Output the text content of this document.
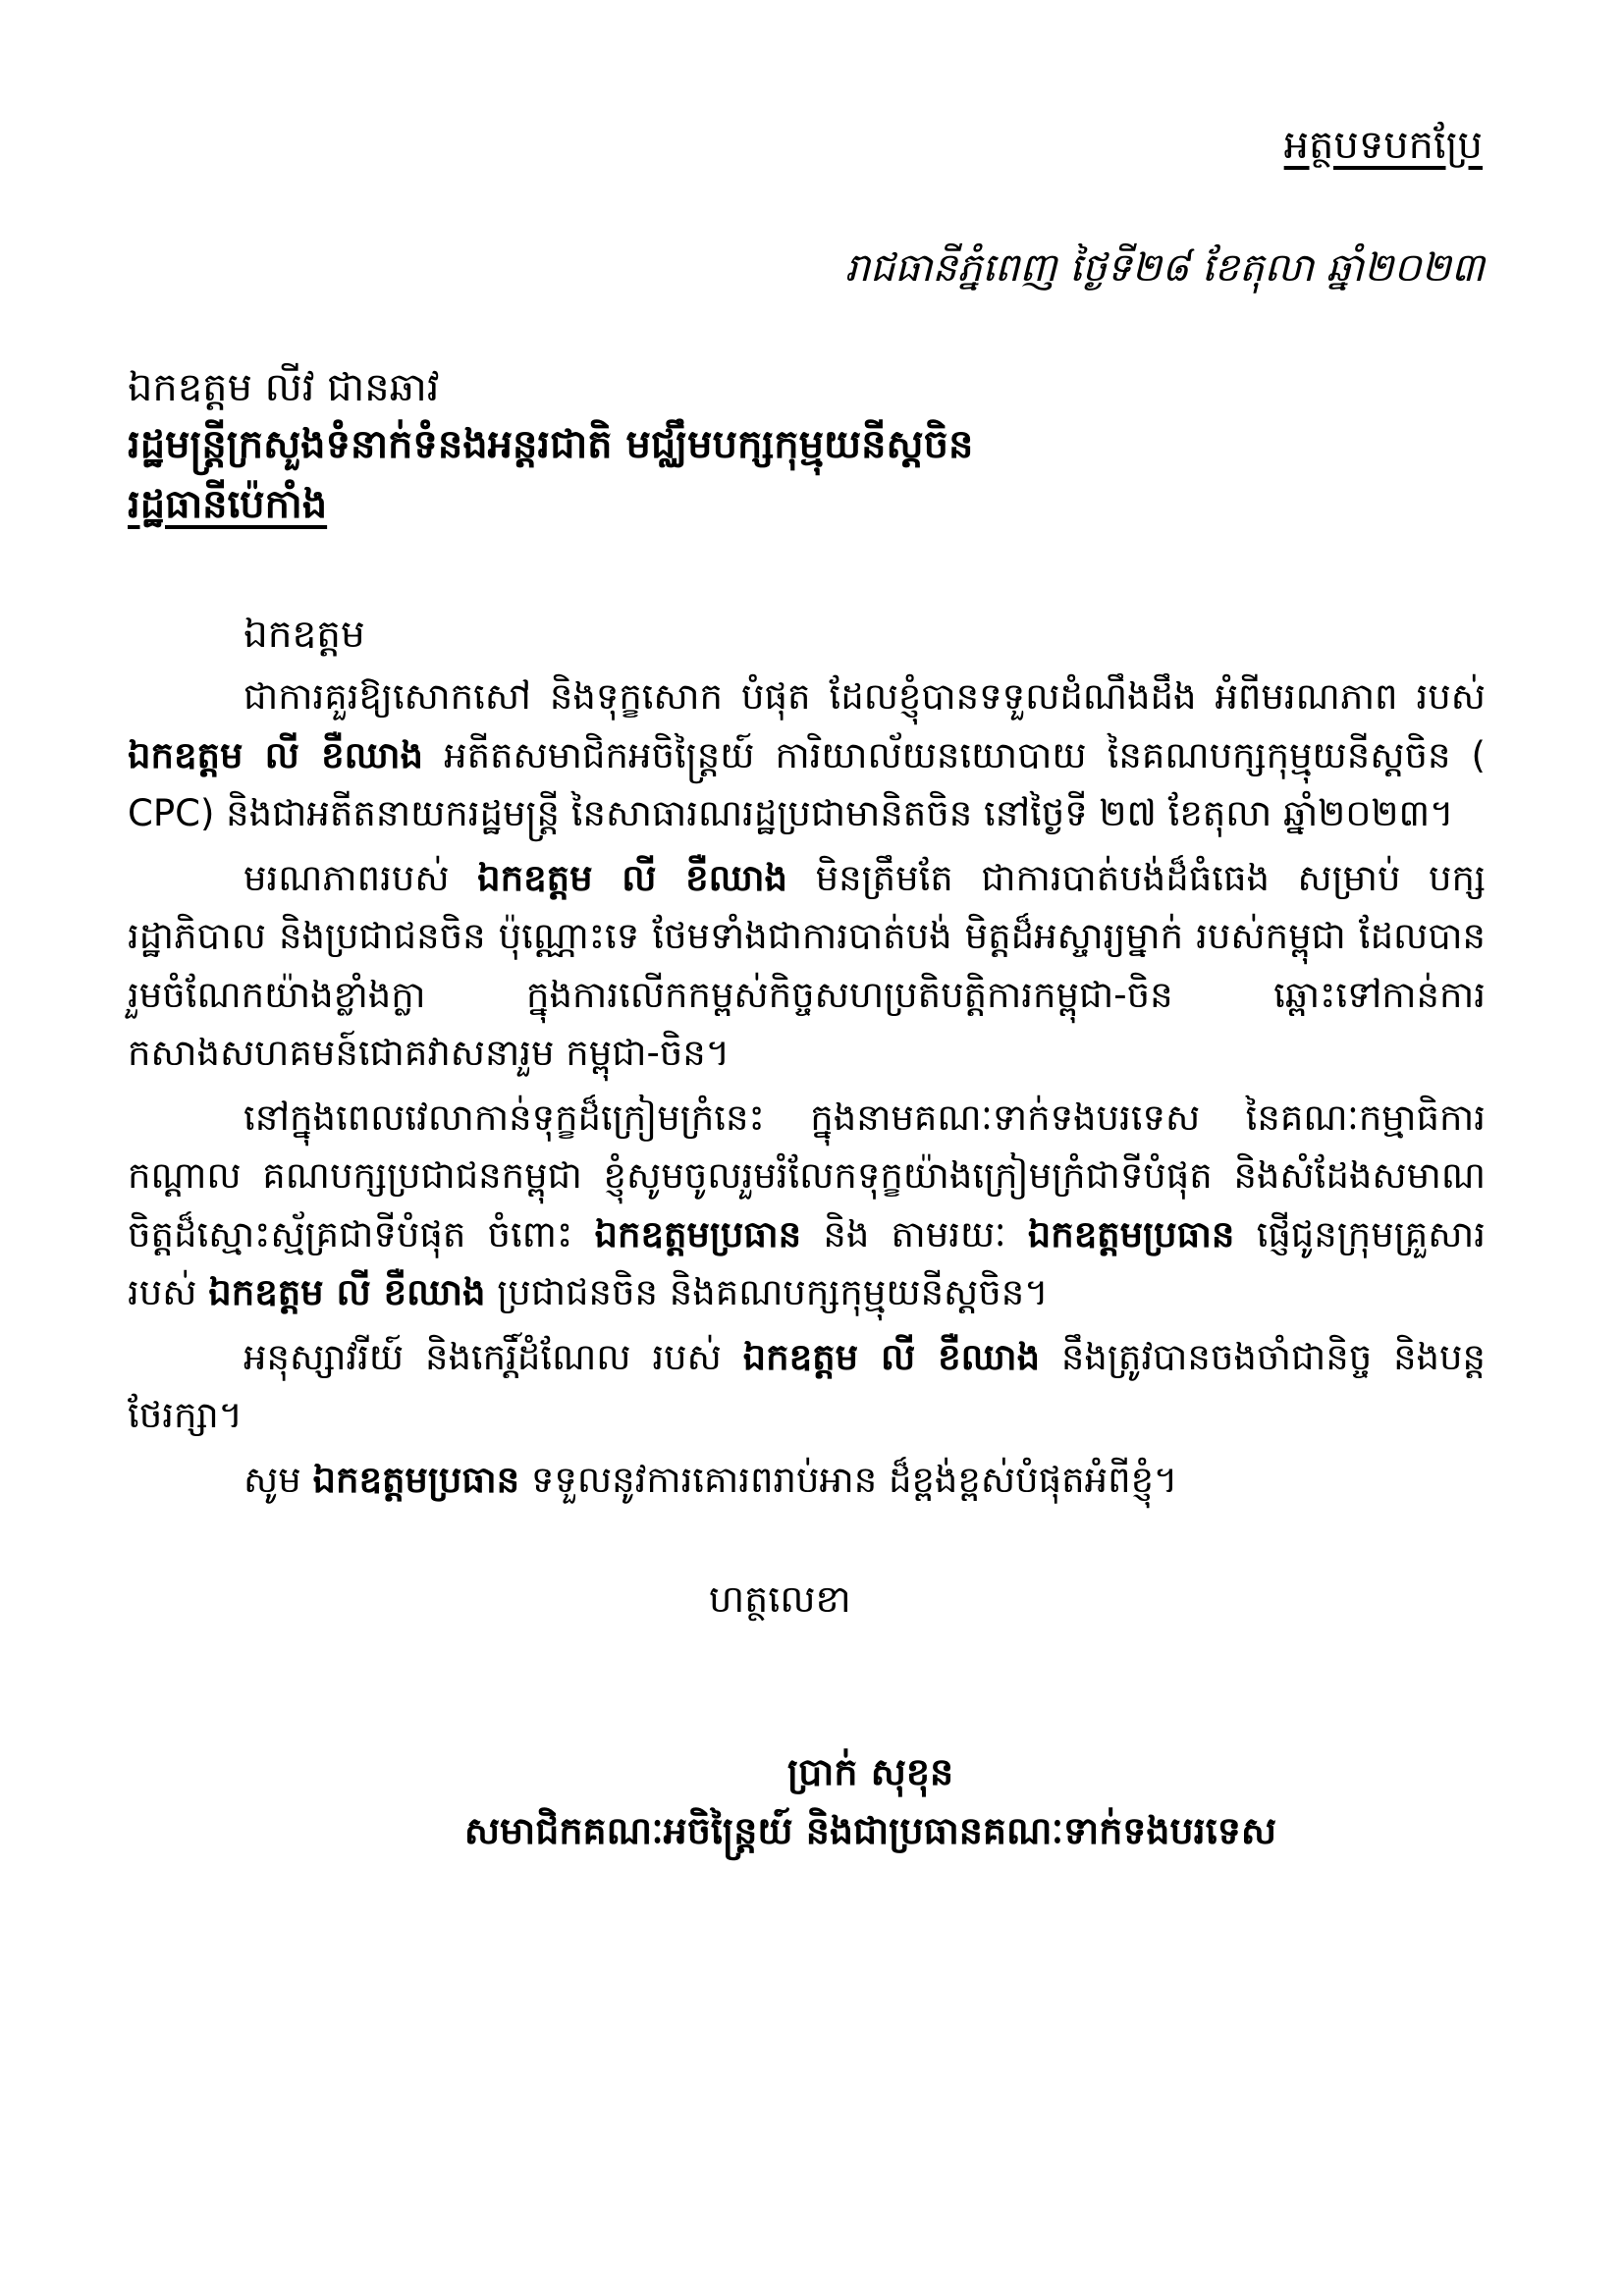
អត្ថបទបកប្រែ
រាជធានីភ្នំពេញ ថ្ងៃទី២៨ ខែតុលា ឆ្នាំ២០២៣
ឯកឧត្តម លីវ ជានឆាវ
រដ្ឋមន្រ្តីក្រសួងទំនាក់ទំនងអន្តរជាតិ មជ្ឈឹមបក្សកុម្មុយនីស្តចិន
រដ្ឋធានីប៉េកាំង
ឯកឧត្តម

ជាការគួរឱ្យសោកសៅ និងទុក្ខសោក បំផុត ដែលខ្ញុំបានទទួលដំណឹងដឹង អំពីមរណភាព របស់ ឯកឧត្តម លី ខឺឈាង អតីតសមាជិកអចិន្ត្រៃយ៍ ការិយាល័យនយោបាយ នៃគណបក្សកុម្មុយនីស្តចិន ( CPC) និងជាអតីតនាយករដ្ឋមន្ត្រី នៃសាធារណរដ្ឋប្រជាមានិតចិន នៅថ្ងៃទី ២៧ ខែតុលា ឆ្នាំ២០២៣។

មរណភាពរបស់ ឯកឧត្តម លី ខឺឈាង មិនត្រឹមតែ ជាការបាត់បង់ដ៏ធំធេង សម្រាប់ បក្ស រដ្ឋាភិបាល និងប្រជាជនចិន ប៉ុណ្ណោះទេ ថែមទាំងជាការបាត់បង់ មិត្តដ៏អស្ចារ្យម្នាក់ របស់កម្ពុជា ដែលបានរួមចំណែកយ៉ាងខ្លាំងក្លា ក្នុងការលើកកម្ពស់កិច្ចសហប្រតិបត្តិការកម្ពុជា-ចិន ឆ្ពោះទៅកាន់ការកសាងសហគមន៍ជោគវាសនារួម កម្ពុជា-ចិន។

នៅក្នុងពេលវេលាកាន់ទុក្ខដ៏ក្រៀមក្រំនេះ ក្នុងនាមគណៈទាក់ទងបរទេស នៃគណៈកម្មាធិការកណ្តាល គណបក្សប្រជាជនកម្ពុជា ខ្ញុំសូមចូលរួមរំលែកទុក្ខយ៉ាងក្រៀមក្រំជាទីបំផុត និងសំដែងសមាណចិត្តដ៏ស្មោះស្ម័គ្រជាទីបំផុត ចំពោះ ឯកឧត្តមប្រធាន និង តាមរយៈ ឯកឧត្តមប្រធាន ផ្ញើជូនក្រុមគ្រួសាររបស់ ឯកឧត្តម លី ខឺឈាង ប្រជាជនចិន និងគណបក្សកុម្មុយនីស្តចិន។

អនុស្សាវរីយ៍ និងកេរ្តិ៍ដំណែល របស់ ឯកឧត្តម លី ខឺឈាង នឹងត្រូវបានចងចាំជានិច្ច និងបន្តថែរក្សា។

សូម ឯកឧត្តមប្រធាន ទទួលនូវការគោរពរាប់អាន ដ៏ខ្ពង់ខ្ពស់បំផុតអំពីខ្ញុំ។

ហត្ថលេខា
ប្រាក់ សុខុន
សមាជិកគណៈអចិន្ត្រៃយ៍ និងជាប្រធានគណៈទាក់ទងបរទេស
